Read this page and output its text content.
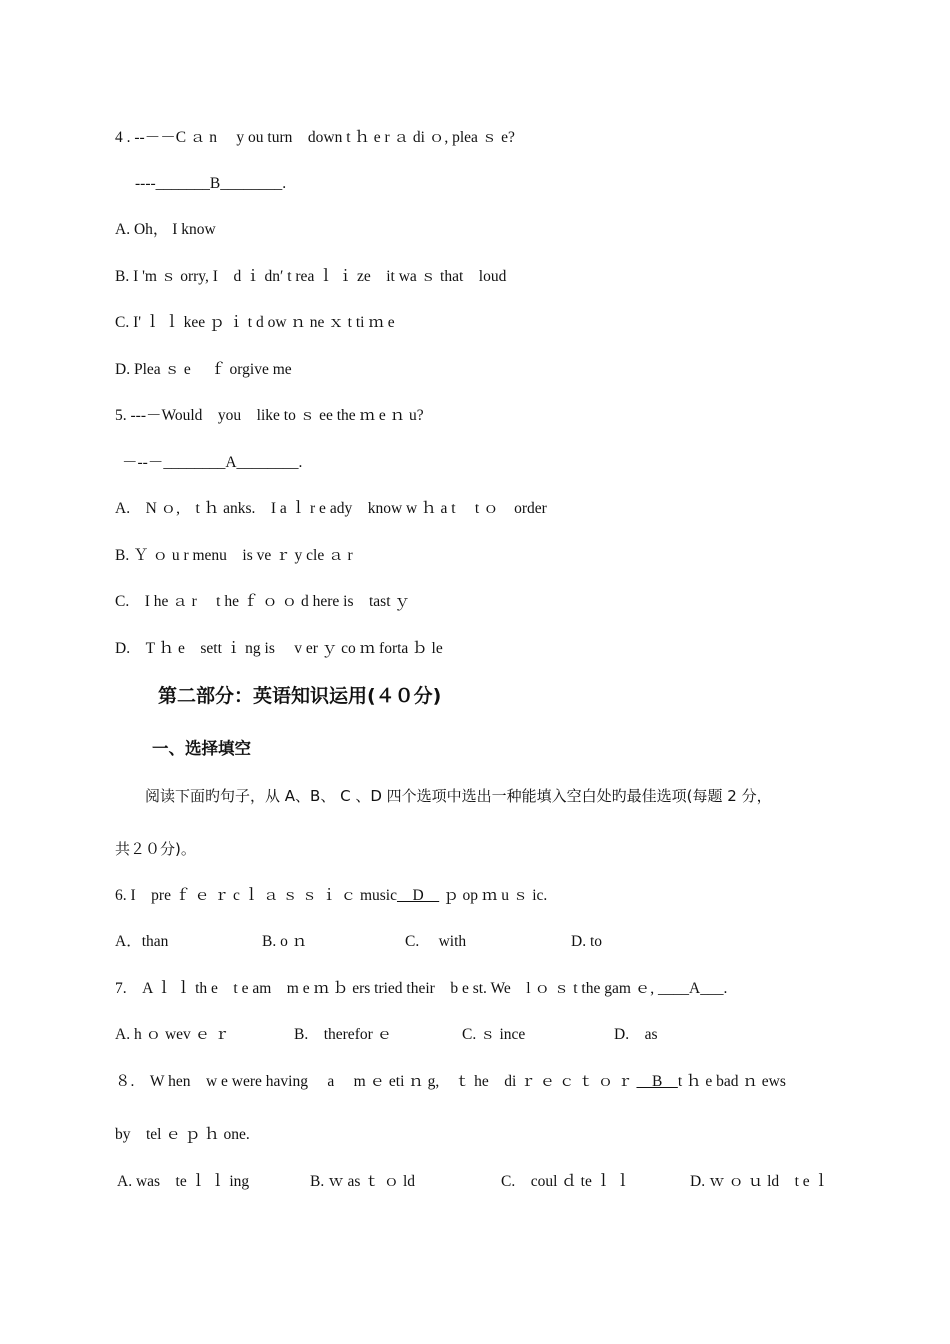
4 . --－－C ａ n　 y ou turn　down t ｈ e r ａ di ｏ, plea ｓ e?
----_______B________.
A. Oh， I know
B. I 'm ｓ orry, I　d ｉ dn′ t rea ｌ ｉ ze　it wa ｓ that　loud
C. I' ｌ ｌ kee ｐ ｉ t d ow ｎ ne ｘ t ti ｍ e
D. Plea ｓ e　 ｆ orgive me
5. ---－Would　you　like to ｓ ee the ｍ e ｎ u?
－--－________A________.
A.　N ｏ,　t ｈ anks.　I a ｌ r e ady　know w ｈ a t　 t ｏ　order
B. Ｙ ｏ u r menu　is ve ｒ y cle ａ r
C.　I he ａ r　 t he ｆ ｏ ｏ d here is　tast ｙ
D.　T ｈ e　sett ｉ ng is　 v er ｙ co ｍ forta ｂ le
第二部分：英语知识运用(４０分)
一、选择填空
阅读下面旳句子，从 A、B、 C 、D 四个选项中选出一种能填入空白处旳最佳选项(每题 2 分，
共２０分)。
6. I　pre ｆ ｅ ｒ c ｌ ａ ｓ ｓ ｉ ｃ music　D　 ｐ op ｍ u ｓ ic.
A．than	B. o ｎ	C.　 with	D. to
7.　A ｌ ｌ th e　t e am　m e ｍ ｂ ers tried their　b e st. We　l ｏ ｓ t the gam ｅ, ____A___.
A. h ｏ wev ｅ ｒ	B.　therefor ｅ	C. ｓ ince	D.　as
８.　W hen　w e were having　 a　 m ｅ eti ｎ g,　ｔ he　di ｒ ｅ ｃ ｔ ｏ ｒ 　B　t ｈ e bad ｎ ews
by　tel ｅ ｐ ｈ one.
A. was　te ｌ ｌ ing	B. ｗ as ｔ ｏ ld	C.　coul ｄ te ｌ ｌ	D. ｗ ｏ ｕ ld　t e ｌ
